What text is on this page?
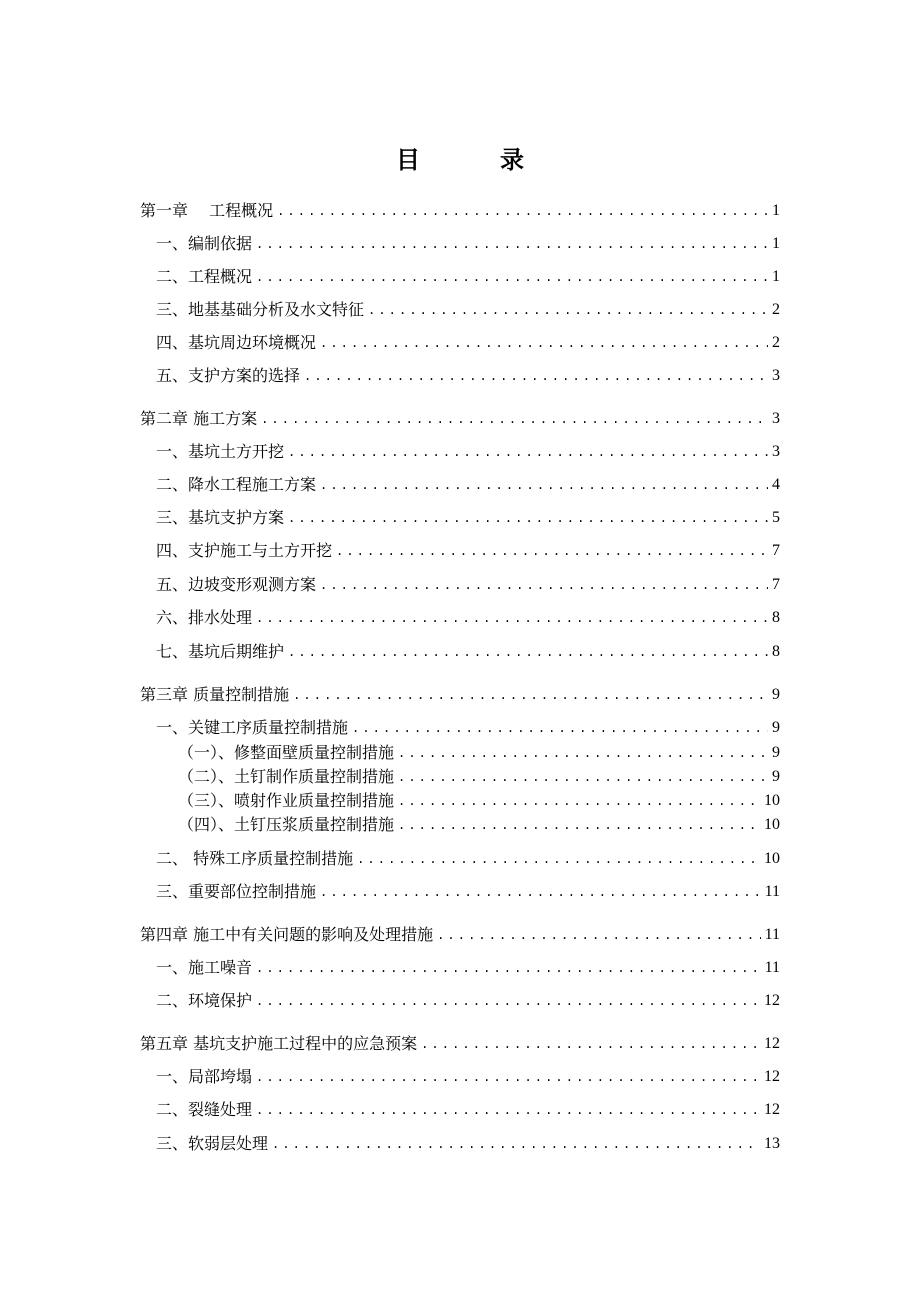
目	录
第一章　 工程概况 .....	1
一、编制依据 .....	1
二、工程概况 .....	1
三、地基基础分析及水文特征 .....	2
四、基坑周边环境概况 .....	2
五、支护方案的选择 .....	3
第二章 施工方案 .....	3
一、基坑土方开挖 .....	3
二、降水工程施工方案 .....	4
三、基坑支护方案 .....	5
四、支护施工与土方开挖 .....	7
五、边坡变形观测方案 .....	7
六、排水处理 .....	8
七、基坑后期维护 .....	8
第三章 质量控制措施 .....	9
一、关键工序质量控制措施 .....	9
（一）、修整面壁质量控制措施 .....	9
（二）、土钉制作质量控制措施 .....	9
（三）、喷射作业质量控制措施 .....	10
（四）、土钉压浆质量控制措施 .....	10
二、 特殊工序质量控制措施 .....	10
三、重要部位控制措施 .....	11
第四章 施工中有关问题的影响及处理措施 .....	11
一、施工噪音 .....	11
二、环境保护 .....	12
第五章 基坑支护施工过程中的应急预案 .....	12
一、局部垮塌 .....	12
二、裂缝处理 .....	12
三、软弱层处理 .....	13
